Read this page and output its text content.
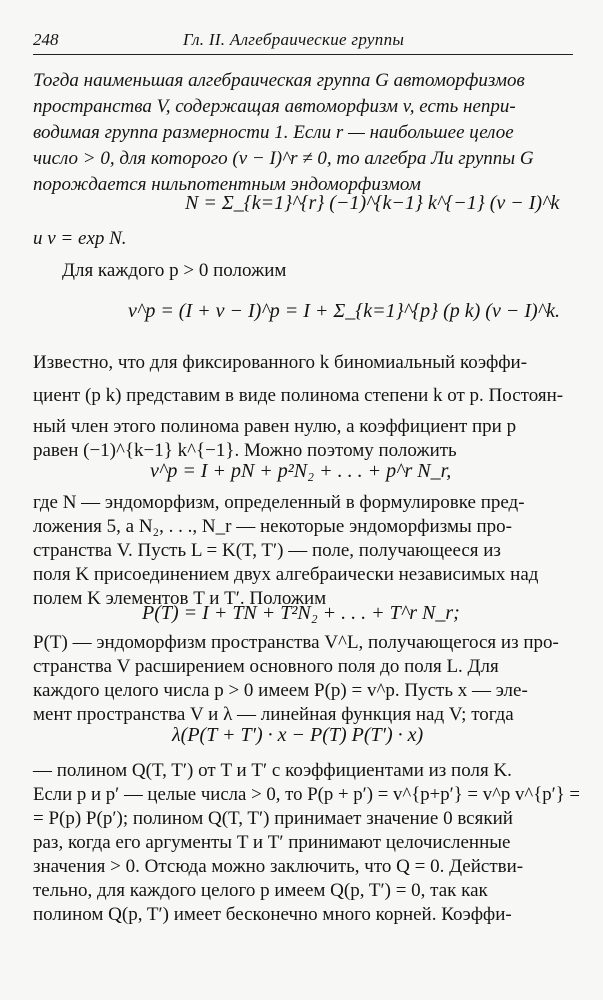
248	Гл. II. Алгебраические группы
Тогда наименьшая алгебраическая группа G автоморфизмов
пространства V, содержащая автоморфизм v, есть непри-
водимая группа размерности 1. Если r — наибольшее целое
число > 0, для которого (v − I)^r ≠ 0, то алгебра Ли группы G
порождается нильпотентным эндоморфизмом
N = Σ_{k=1}^{r} (−1)^{k−1} k^{−1} (v − I)^k
и v = exp N.
Для каждого p > 0 положим
v^p = (I + v − I)^p = I + Σ_{k=1}^{p} (p k) (v − I)^k.
Известно, что для фиксированного k биномиальный коэффи-
циент (p k) представим в виде полинома степени k от p. Постоян-
ный член этого полинома равен нулю, а коэффициент при p
равен (−1)^{k−1} k^{−1}. Можно поэтому положить
v^p = I + pN + p²N₂ + . . . + p^r N_r,
где N — эндоморфизм, определенный в формулировке пред-
ложения 5, а N₂, . . ., N_r — некоторые эндоморфизмы про-
странства V. Пусть L = K(T, T′) — поле, получающееся из
поля K присоединением двух алгебраически независимых над
полем K элементов T и T′. Положим
P(T) = I + TN + T²N₂ + . . . + T^r N_r;
P(T) — эндоморфизм пространства V^L, получающегося из про-
странства V расширением основного поля до поля L. Для
каждого целого числа p > 0 имеем P(p) = v^p. Пусть x — эле-
мент пространства V и λ — линейная функция над V; тогда
λ(P(T + T′) · x − P(T) P(T′) · x)
— полином Q(T, T′) от T и T′ с коэффициентами из поля K.
Если p и p′ — целые числа > 0, то P(p + p′) = v^{p+p′} = v^p v^{p′} =
= P(p) P(p′); полином Q(T, T′) принимает значение 0 всякий
раз, когда его аргументы T и T′ принимают целочисленные
значения > 0. Отсюда можно заключить, что Q = 0. Действи-
тельно, для каждого целого p имеем Q(p, T′) = 0, так как
полином Q(p, T′) имеет бесконечно много корней. Коэффи-
